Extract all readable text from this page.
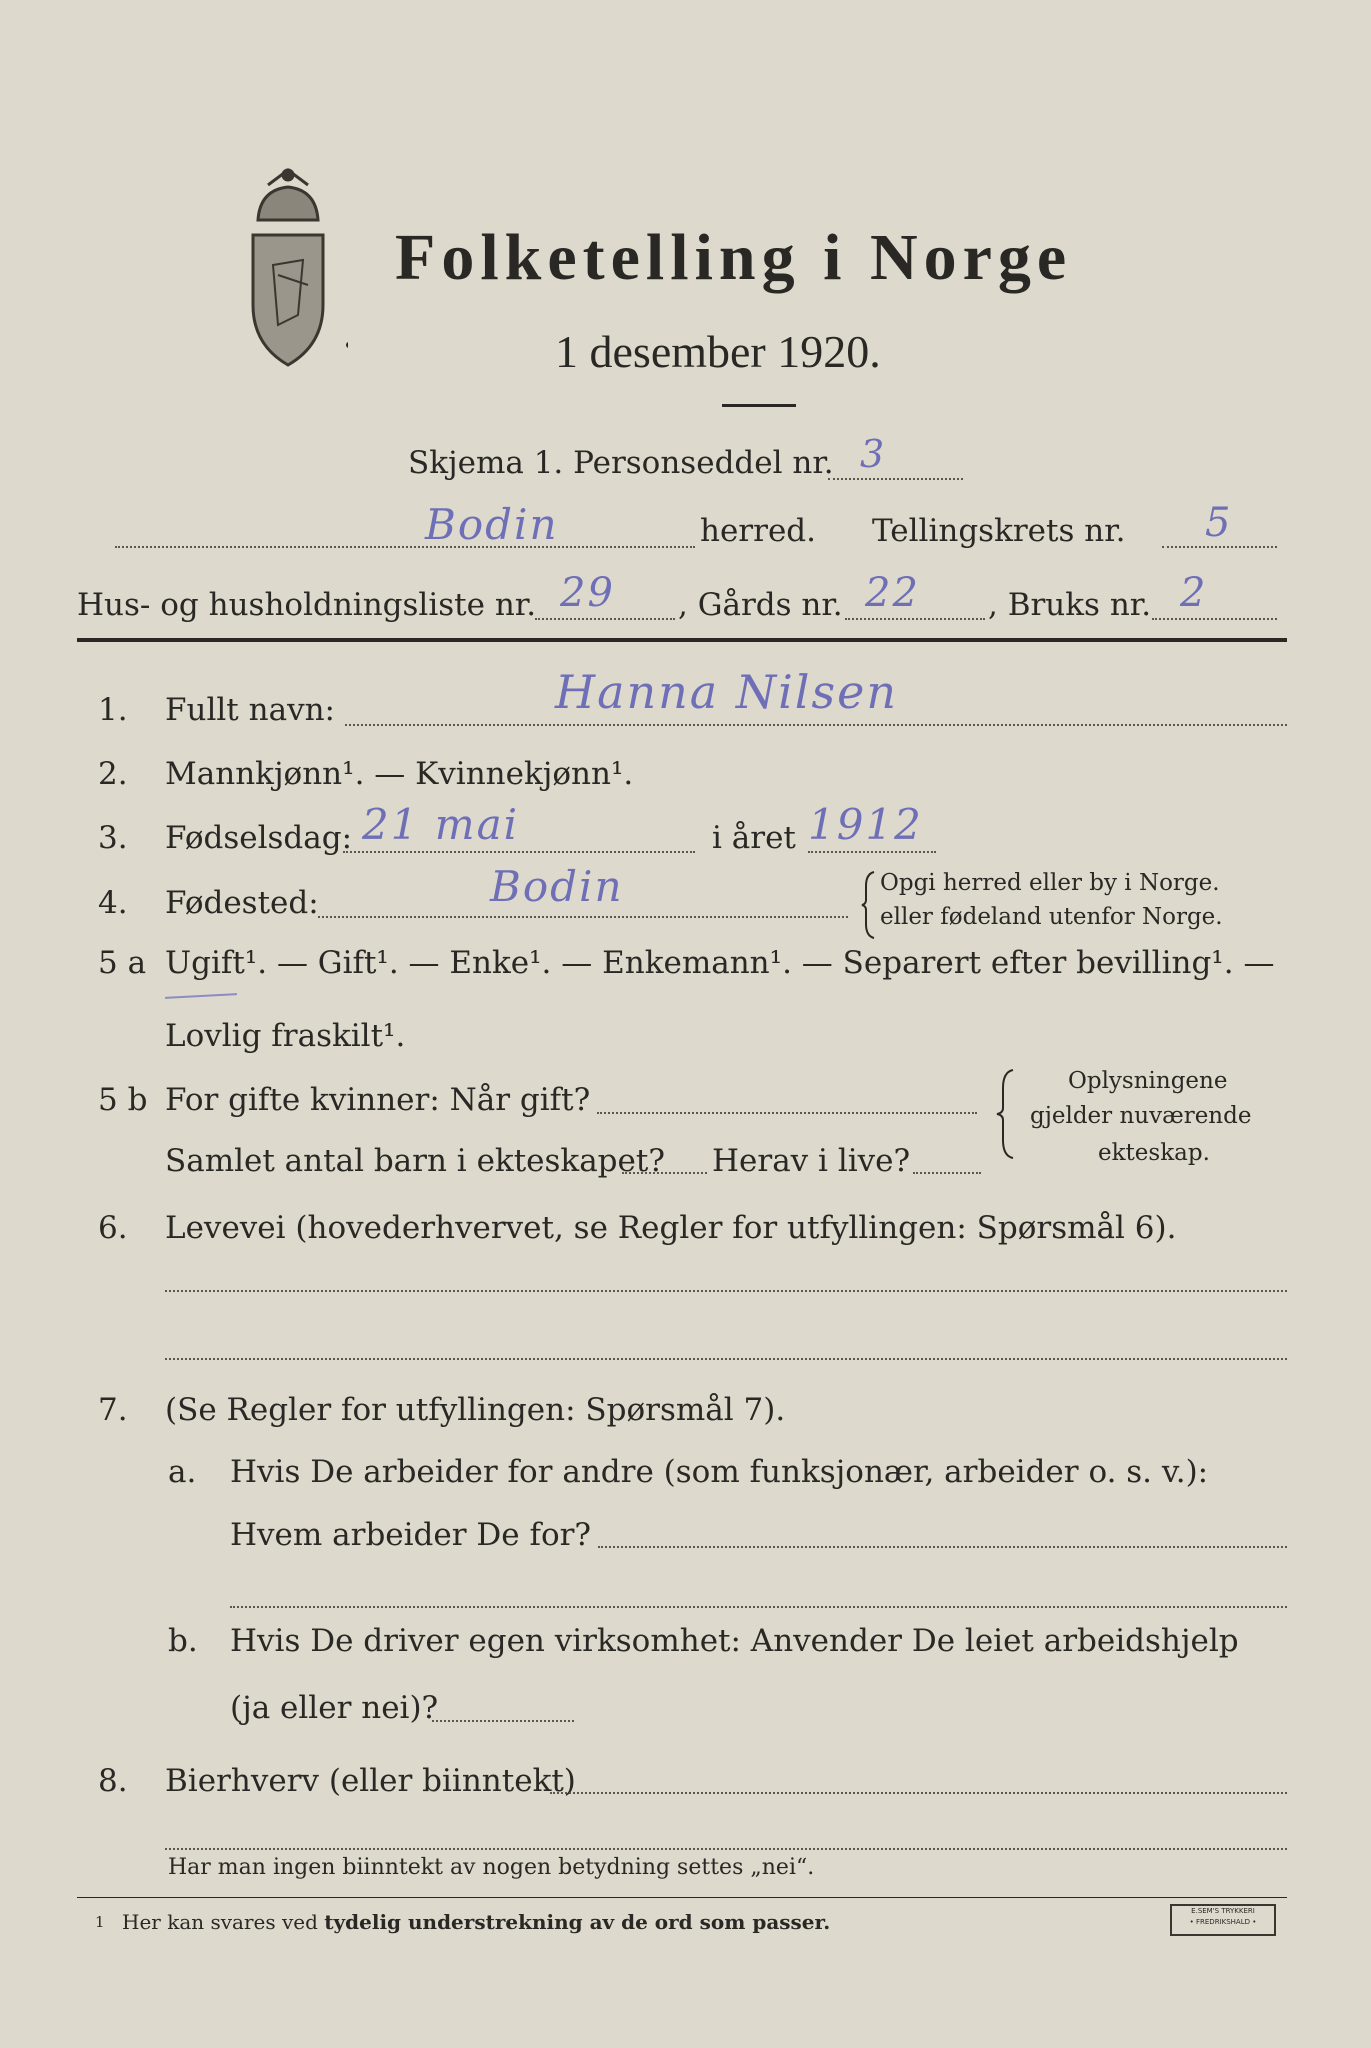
Folketelling i Norge
1 desember 1920.
Skjema 1. Personseddel nr. 3
Bodin	herred. Tellingskrets nr. 5
Hus- og husholdningsliste nr. 29 , Gårds nr. 22 , Bruks nr. 2
1. Fullt navn:	Hanna Nilsen
2. Mannkjønn¹. — Kvinnekjønn¹.
3. Fødselsdag: 21 mai	i året 1912
4. Fødested:	Bodin	Opgi herred eller by i Norge.
eller fødeland utenfor Norge.
5 a Ugift¹. — Gift¹. — Enke¹. — Enkemann¹. — Separert efter bevilling¹. —
Lovlig fraskilt¹.
5 b For gifte kvinner: Når gift?
Samlet antal barn i ekteskapet? Herav i live?
Oplysningene
gjelder nuværende
ekteskap.
6. Levevei (hovederhvervet, se Regler for utfyllingen: Spørsmål 6).
7. (Se Regler for utfyllingen: Spørsmål 7).
a. Hvis De arbeider for andre (som funksjonær, arbeider o. s. v.):
Hvem arbeider De for?
b. Hvis De driver egen virksomhet: Anvender De leiet arbeidshjelp
(ja eller nei)?
8. Bierhverv (eller biinntekt)
Har man ingen biinntekt av nogen betydning settes „nei“.
1 Her kan svares ved tydelig understrekning av de ord som passer.	E.SEM'S TRYKKERI
• FREDRIKSHALD •
